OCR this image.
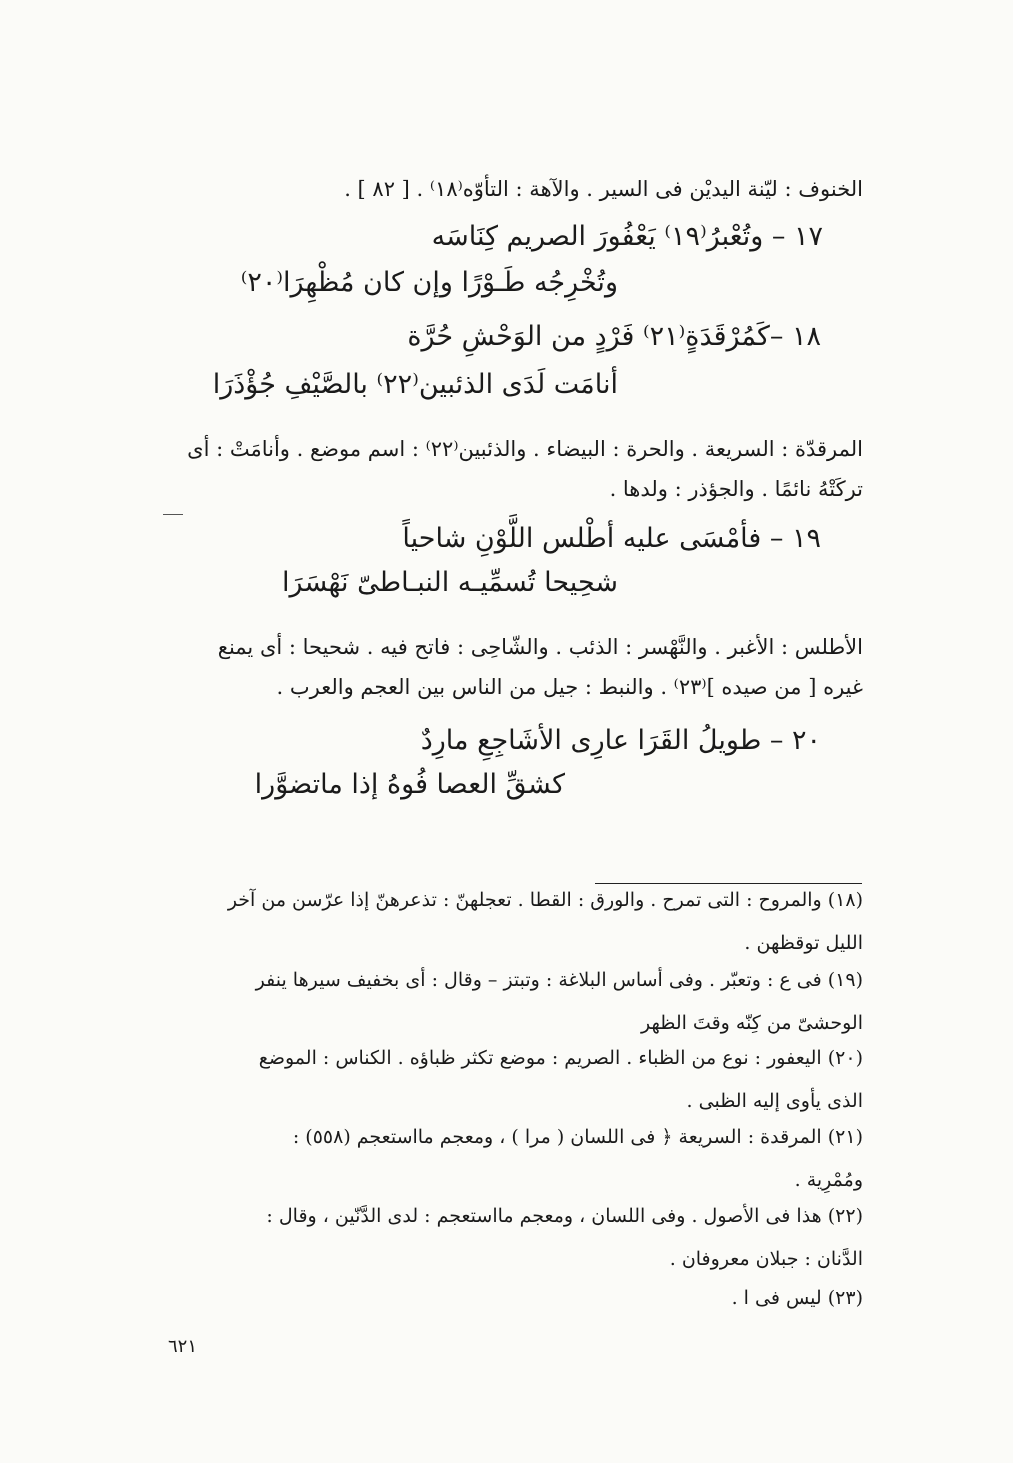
الخنوف : ليّنة اليديْن فى السير . والآهة : التأوّه⁽١٨⁾ . [ ٨٢ ] .
١٧ – وتُعْبرُ⁽١٩⁾ يَعْفُورَ الصريم كِنَاسَه
وتُخْرِجُه طَـوْرًا وإن كان مُظْهِرَا⁽٢٠⁾
١٨ –كَمُرْقَدَةٍ⁽٢١⁾ فَرْدٍ من الوَحْشِ حُرَّة
أنامَت لَدَى الذئبين⁽٢٢⁾ بالصَّيْفِ جُؤْذَرَا
المرقدّة : السريعة . والحرة : البيضاء . والذئبين⁽٢٢⁾ : اسم موضع . وأنامَتْ : أى
تركَتْهُ نائمًا . والجؤذر : ولدها .
١٩ – فأمْسَى عليه أطْلس اللَّوْنِ شاحياً
شحِيحا تُسمِّيـه النبـاطىّ نَهْسَرَا
الأطلس : الأغبر . والنَّهْسر : الذئب . والشّاحِى : فاتح فيه . شحيحا : أى يمنع
غيره [ من صيده ]⁽٢٣⁾ . والنبط : جيل من الناس بين العجم والعرب .
٢٠ – طويلُ القَرَا عارِى الأشَاجِعِ مارِدٌ
كشقِّ العصا فُوهُ إذا ماتضوَّرا
(١٨) والمروح : التى تمرح . والورق : القطا . تعجلهنّ : تذعرهنّ إذا عرّسن من آخر
الليل توقظهن .
(١٩) فى ع : وتعبّر . وفى أساس البلاغة : وتبتز – وقال : أى بخفيف سيرها ينفر
الوحشىّ من كِنّه وقتَ الظهر
(٢٠) اليعفور : نوع من الظباء . الصريم : موضع تكثر ظباؤه . الكناس : الموضع
الذى يأوى إليه الظبى .
(٢١) المرقدة : السريعة ﴿ فى اللسان ( مرا ) ، ومعجم مااستعجم (٥٥٨) :
ومُمْرِية .
(٢٢) هذا فى الأصول . وفى اللسان ، ومعجم مااستعجم : لدى الدَّنّين ، وقال :
الدَّنان : جبلان معروفان .
(٢٣) ليس فى ا .
٦٢١
